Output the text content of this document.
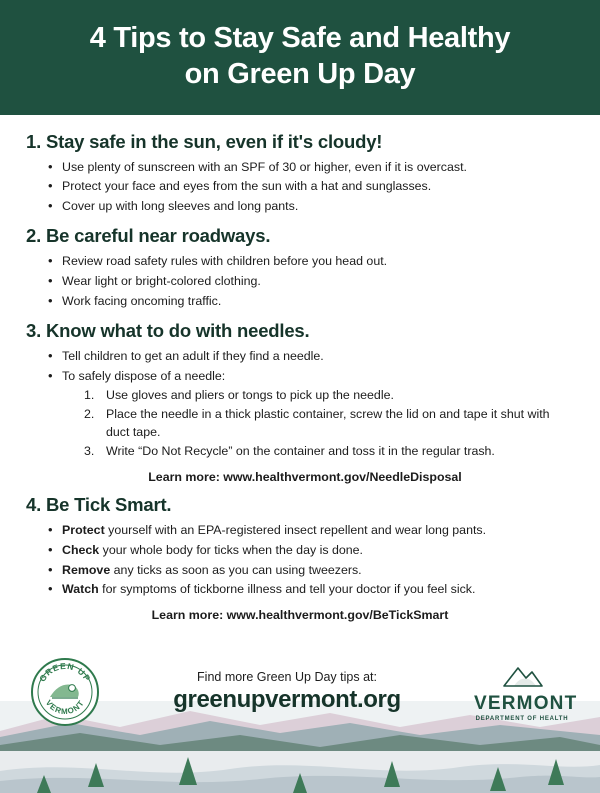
4 Tips to Stay Safe and Healthy
on Green Up Day
1. Stay safe in the sun, even if it's cloudy!
• Use plenty of sunscreen with an SPF of 30 or higher, even if it is overcast.
• Protect your face and eyes from the sun with a hat and sunglasses.
• Cover up with long sleeves and long pants.
2. Be careful near roadways.
• Review road safety rules with children before you head out.
• Wear light or bright-colored clothing.
• Work facing oncoming traffic.
3. Know what to do with needles.
• Tell children to get an adult if they find a needle.
• To safely dispose of a needle:
Use gloves and pliers or tongs to pick up the needle.
Place the needle in a thick plastic container, screw the lid on and tape it shut with duct tape.
Write “Do Not Recycle” on the container and toss it in the regular trash.
Learn more: www.healthvermont.gov/NeedleDisposal
4. Be Tick Smart.
• Protect yourself with an EPA-registered insect repellent and wear long pants.
• Check your whole body for ticks when the day is done.
• Remove any ticks as soon as you can using tweezers.
• Watch for symptoms of tickborne illness and tell your doctor if you feel sick.
Learn more: www.healthvermont.gov/BeTickSmart
GREEN UP
VERMONT
Find more Green Up Day tips at:
greenupvermont.org	VERMONT
DEPARTMENT OF HEALTH
